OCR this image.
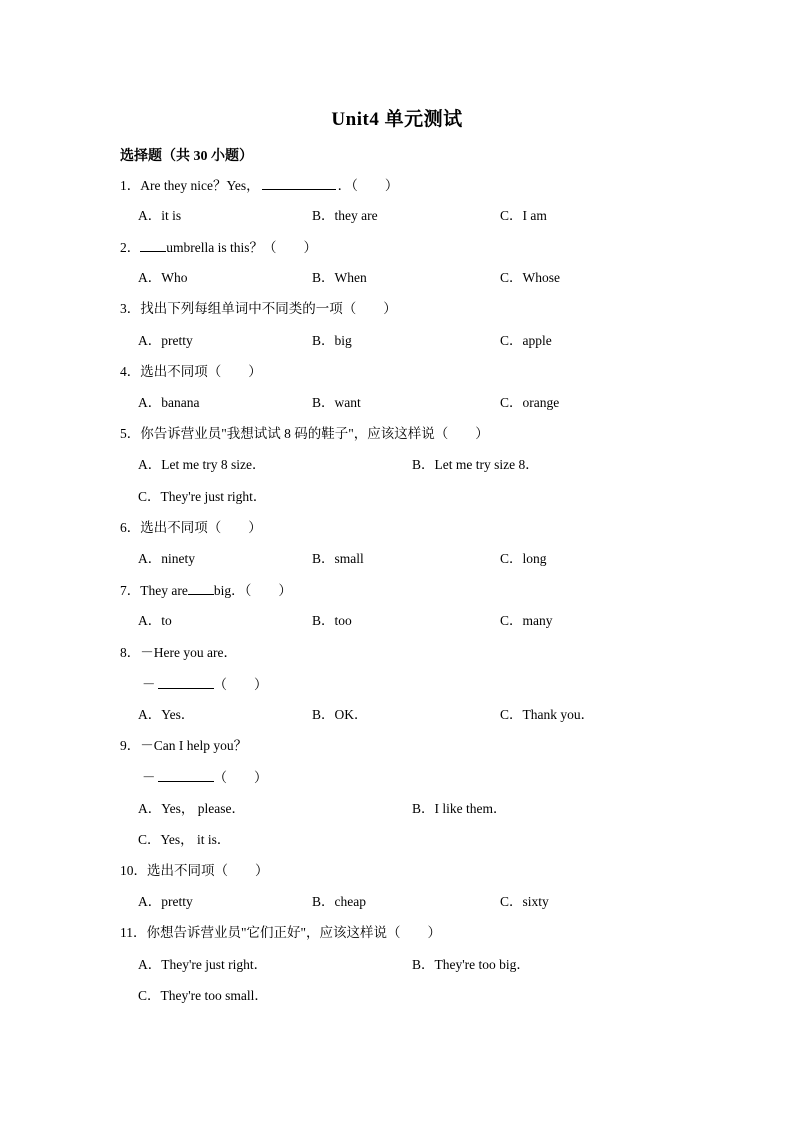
Unit4 单元测试
选择题（共 30 小题）
1．Are they nice？Yes，	．（　　）
A．it is	B．they are	C．I am
2． umbrella is this？（　　）
A．Who	B．When	C．Whose
3．找出下列每组单词中不同类的一项（　　）
A．pretty	B．big	C．apple
4．选出不同项（　　）
A．banana	B．want	C．orange
5．你告诉营业员"我想试试 8 码的鞋子"，应该这样说（　　）
A．Let me try 8 size．	B．Let me try size 8．
C．They're just right．
6．选出不同项（　　）
A．ninety	B．small	C．long
7．They are big．（　　）
A．to	B．too	C．many
8．－Here you are．
－	（　　）
A．Yes．	B．OK．	C．Thank you．
9．－Can I help you？
－	（　　）
A．Yes， please．	B．I like them．
C．Yes， it is．
10．选出不同项（　　）
A．pretty	B．cheap	C．sixty
11．你想告诉营业员"它们正好"，应该这样说（　　）
A．They're just right．	B．They're too big．
C．They're too small．
